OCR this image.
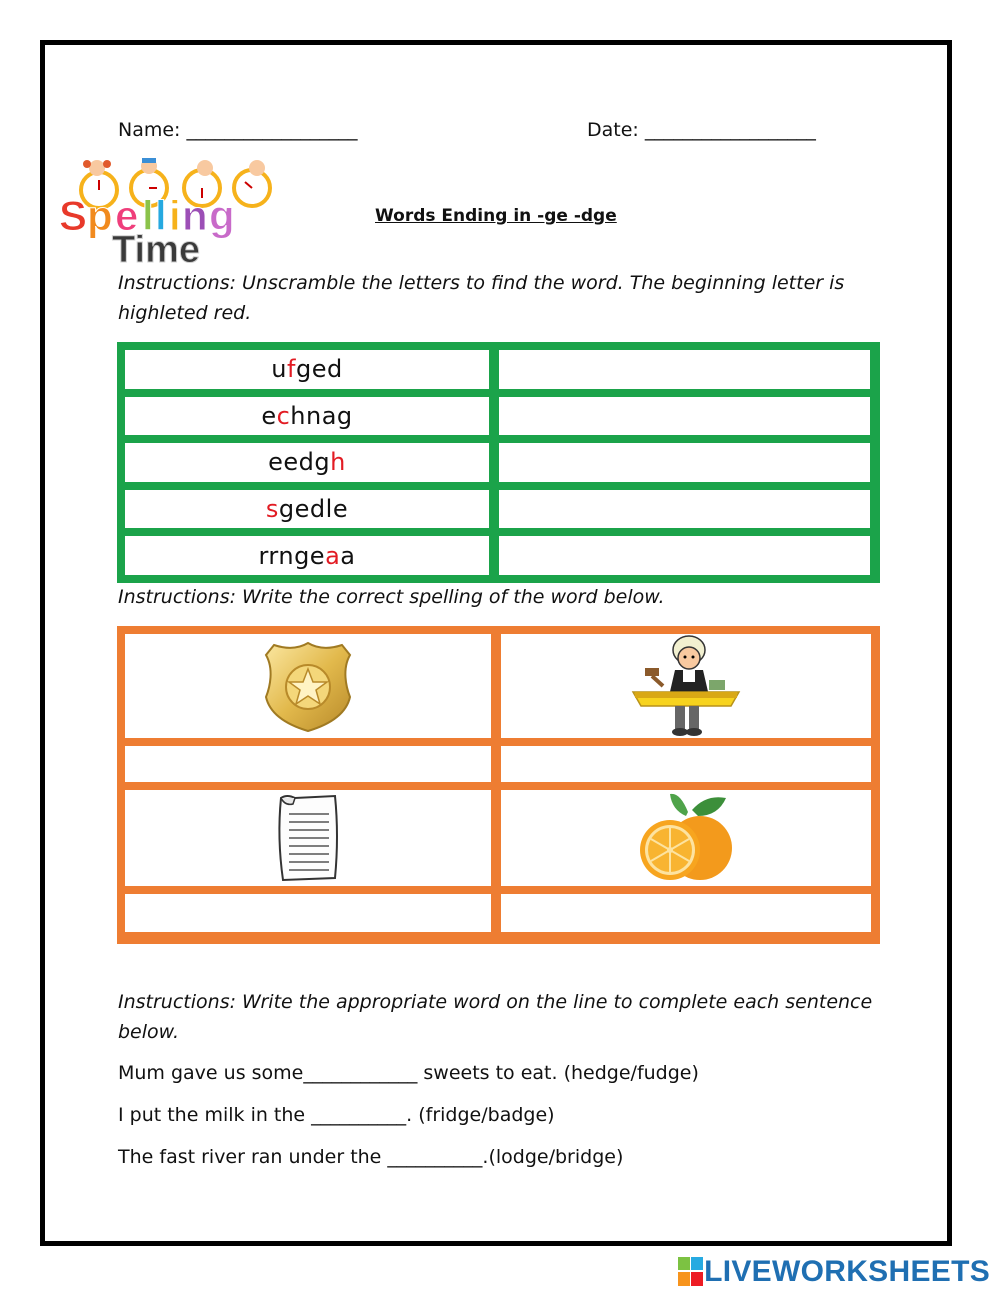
Name: __________________	Date: __________________
S p e l l i n g
Time
Words Ending in -ge -dge
Instructions: Unscramble the letters to find the word. The beginning letter is highleted red.
u f ged
e c hnag
eedg h
s gedle
rrnge a a
Instructions: Write the correct spelling of the word below.
Instructions: Write the appropriate word on the line to complete each sentence below.
Mum gave us some____________ sweets to eat. (hedge/fudge)
I put the milk in the __________. (fridge/badge)
The fast river ran under the __________.(lodge/bridge)
LIVEWORKSHEETS
